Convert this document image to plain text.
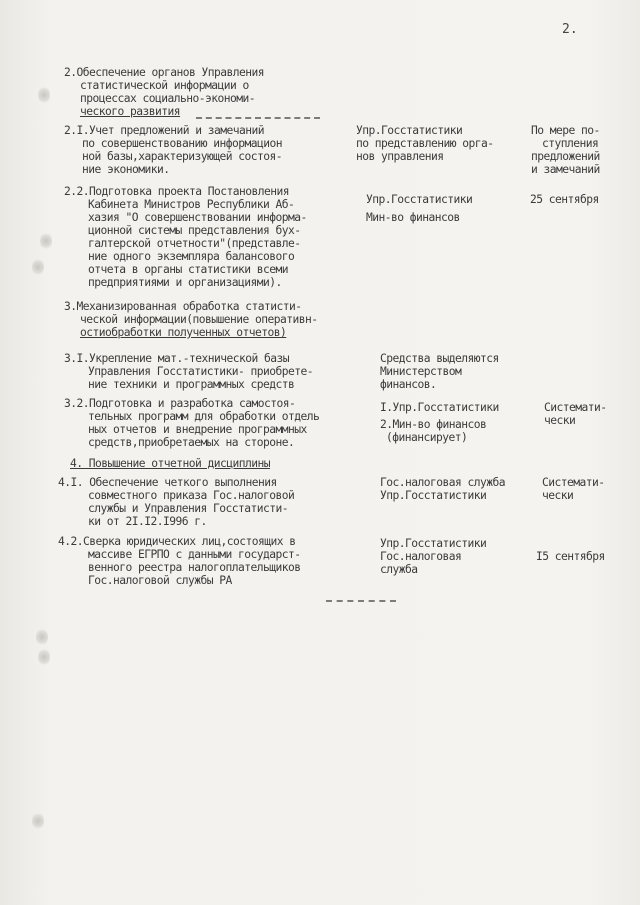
2.
2.Обеспечение органов Управления
статистической информации о
процессах социально-экономи-
ческого развития
2.I.Учет предложений и замечаний
по совершенствованию информацион
ной базы,характеризующей состоя-
ние экономики.
Упр.Госстатистики
по представлению орга-
нов управления
По мере по-
ступления
предложений
и замечаний
2.2.Подготовка проекта Постановления
Кабинета Министров Республики Аб-
хазия "О совершенствовании информа-
ционной системы представления бух-
галтерской отчетности"(представле-
ние одного экземпляра балансового
отчета в органы статистики всеми
предприятиями и организациями).
Упр.Госстатистики
Мин-во финансов
25 сентября
3.Механизированная обработка статисти-
ческой информации(повышение оперативн-
остиобработки полученных отчетов)
3.I.Укрепление мат.-технической базы
Управления Госстатистики- приобрете-
ние техники и программных средств
Средства выделяются
Министерством
финансов.
3.2.Подготовка и разработка самостоя-
тельных программ для обработки отдель
ных отчетов и внедрение программных
средств,приобретаемых на стороне.
I.Упр.Госстатистики
2.Мин-во финансов
(финансирует)
Системати-
чески
4. Повышение отчетной дисциплины
4.I. Обеспечение четкого выполнения
совместного приказа Гос.налоговой
службы и Управления Госстатисти-
ки от 2I.I2.I996 г.
Гос.налоговая служба
Упр.Госстатистики
Системати-
чески
4.2.Сверка юридических лиц,состоящих в
массиве ЕГРПО с данными государст-
венного реестра налогоплательщиков
Гос.налоговой службы РА
Упр.Госстатистики
Гос.налоговая
служба
I5 сентября
